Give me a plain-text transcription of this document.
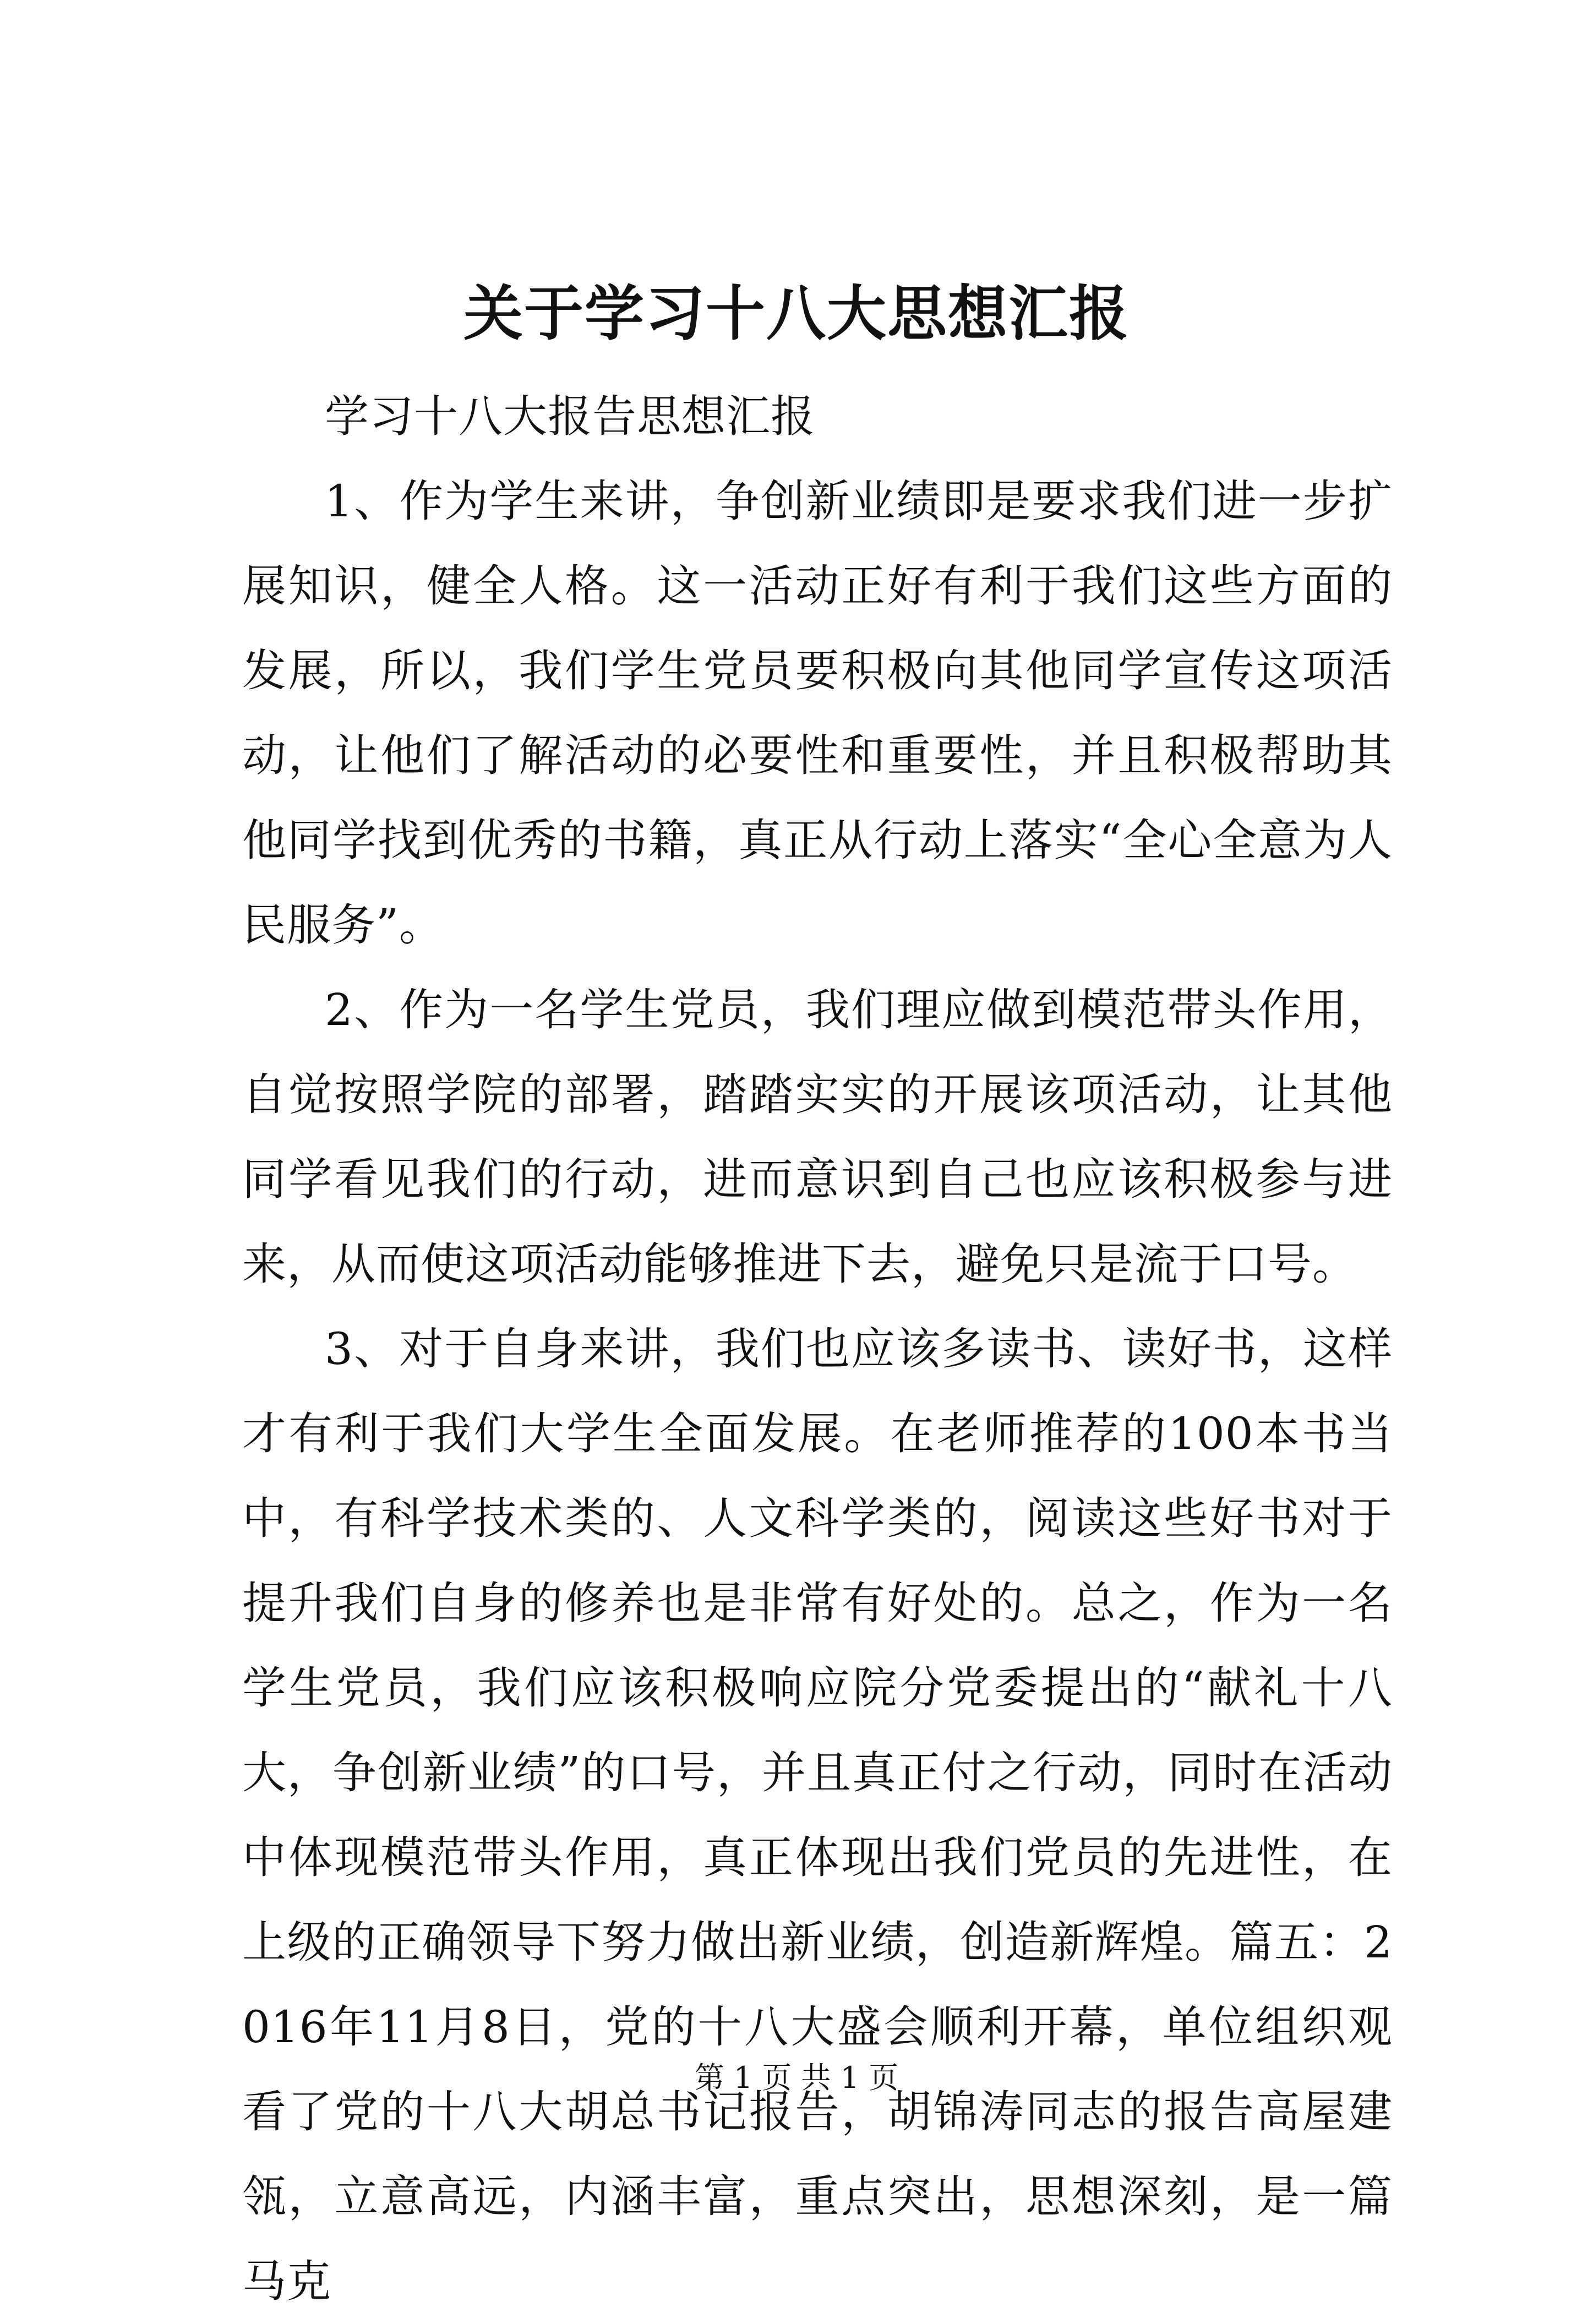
关于学习十八大思想汇报

学习十八大报告思想汇报

1、作为学生来讲，争创新业绩即是要求我们进一步扩展知识，健全人格。这一活动正好有利于我们这些方面的发展，所以，我们学生党员要积极向其他同学宣传这项活动，让他们了解活动的必要性和重要性，并且积极帮助其他同学找到优秀的书籍，真正从行动上落实“全心全意为人民服务”。

2、作为一名学生党员，我们理应做到模范带头作用，自觉按照学院的部署，踏踏实实的开展该项活动，让其他同学看见我们的行动，进而意识到自己也应该积极参与进来，从而使这项活动能够推进下去，避免只是流于口号。

3、对于自身来讲，我们也应该多读书、读好书，这样才有利于我们大学生全面发展。在老师推荐的100本书当中，有科学技术类的、人文科学类的，阅读这些好书对于提升我们自身的修养也是非常有好处的。总之，作为一名学生党员，我们应该积极响应院分党委提出的“献礼十八大，争创新业绩”的口号，并且真正付之行动，同时在活动中体现模范带头作用，真正体现出我们党员的先进性，在上级的正确领导下努力做出新业绩，创造新辉煌。篇五：2016年11月8日，党的十八大盛会顺利开幕，单位组织观看了党的十八大胡总书记报告，胡锦涛同志的报告高屋建瓴，立意高远，内涵丰富，重点突出，思想深刻，是一篇马克

第 1 页 共 1 页
